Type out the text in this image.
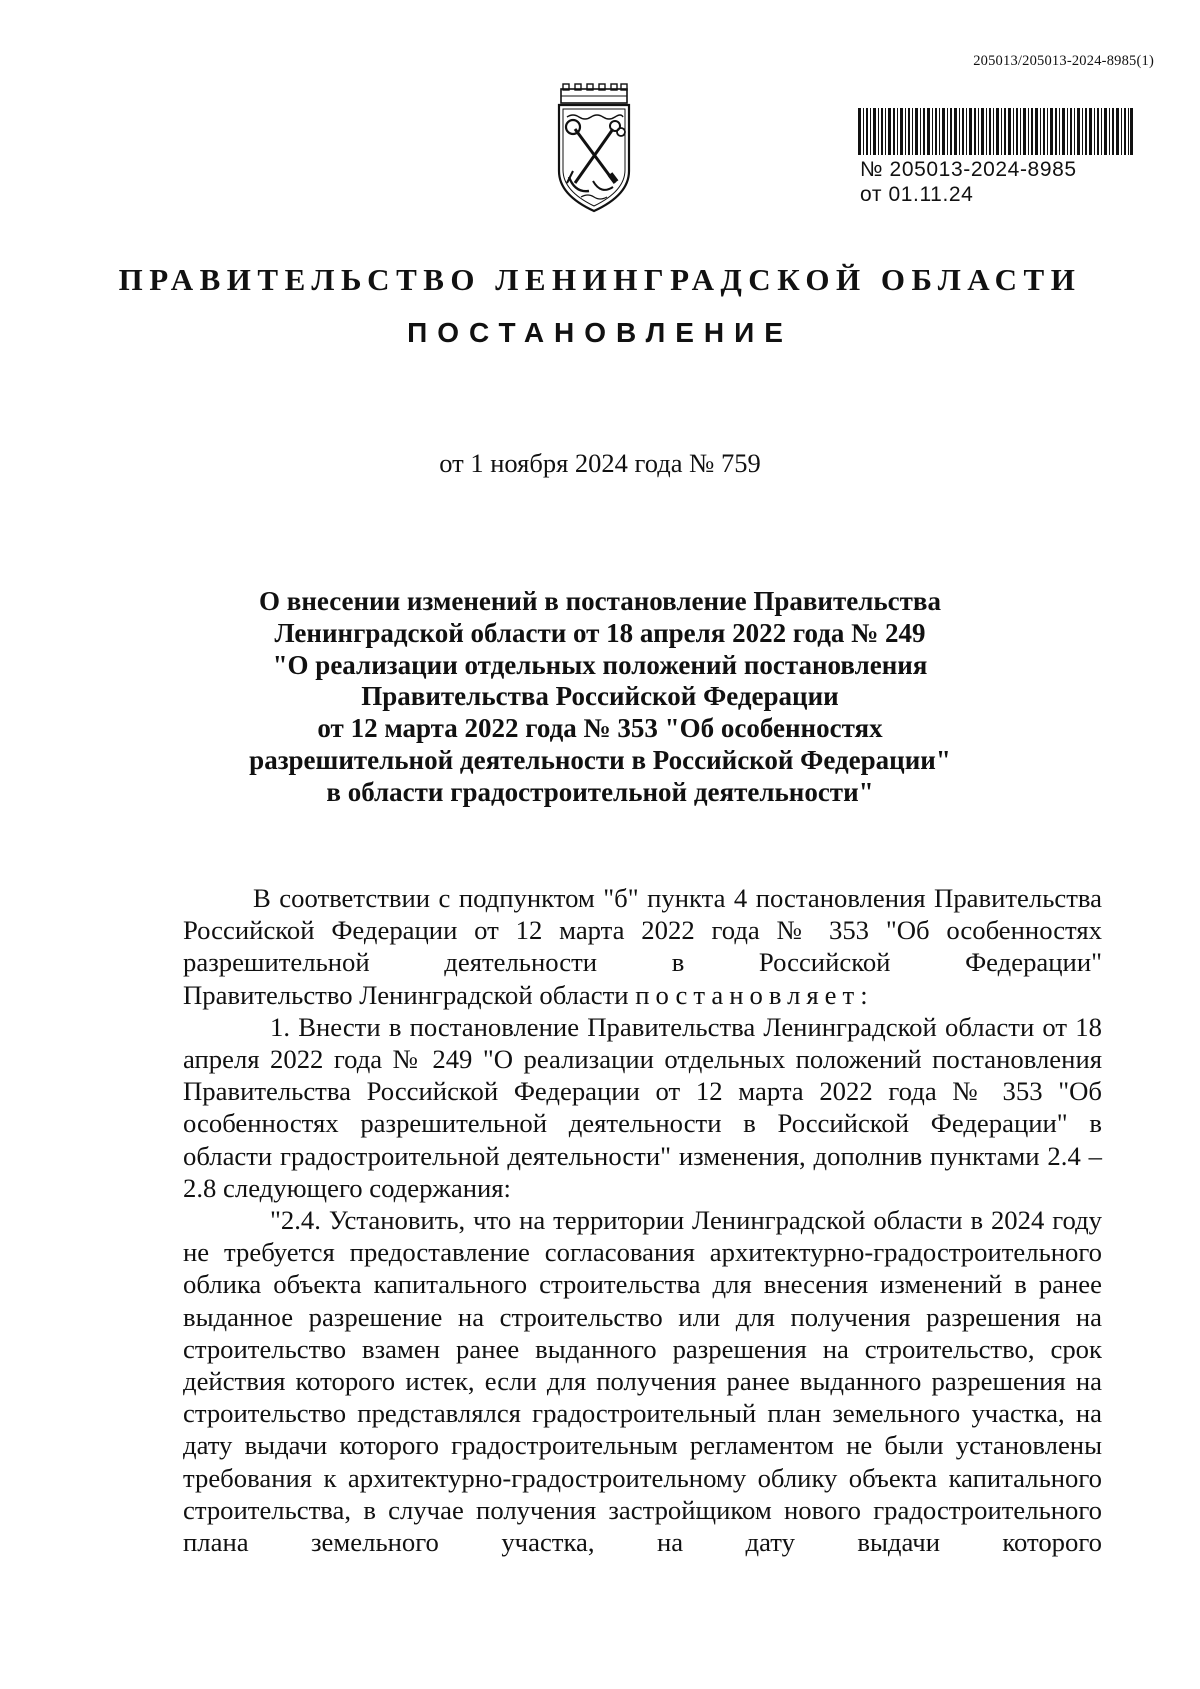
205013/205013-2024-8985(1)
№ 205013-2024-8985
от 01.11.24
ПРАВИТЕЛЬСТВО ЛЕНИНГРАДСКОЙ ОБЛАСТИ
ПОСТАНОВЛЕНИЕ
от 1 ноября 2024 года № 759
О внесении изменений в постановление Правительства
Ленинградской области от 18 апреля 2022 года № 249
"О реализации отдельных положений постановления
Правительства Российской Федерации
от 12 марта 2022 года № 353 "Об особенностях
разрешительной деятельности в Российской Федерации"
в области градостроительной деятельности"

В соответствии с подпунктом "б" пункта 4 постановления Правительства Российской Федерации от 12 марта 2022 года № 353 "Об особенностях разрешительной деятельности в Российской Федерации"

Правительство Ленинградской области постановляет:

1. Внести в постановление Правительства Ленинградской области от 18 апреля 2022 года № 249 "О реализации отдельных положений постановления Правительства Российской Федерации от 12 марта 2022 года № 353 "Об особенностях разрешительной деятельности в Российской Федерации" в области градостроительной деятельности" изменения, дополнив пунктами 2.4 – 2.8 следующего содержания:

"2.4. Установить, что на территории Ленинградской области в 2024 году не требуется предоставление согласования архитектурно-градостроительного облика объекта капитального строительства для внесения изменений в ранее выданное разрешение на строительство или для получения разрешения на строительство взамен ранее выданного разрешения на строительство, срок действия которого истек, если для получения ранее выданного разрешения на строительство представлялся градостроительный план земельного участка, на дату выдачи которого градостроительным регламентом не были установлены требования к архитектурно-градостроительному облику объекта капитального строительства, в случае получения застройщиком нового градостроительного плана земельного участка, на дату выдачи которого
